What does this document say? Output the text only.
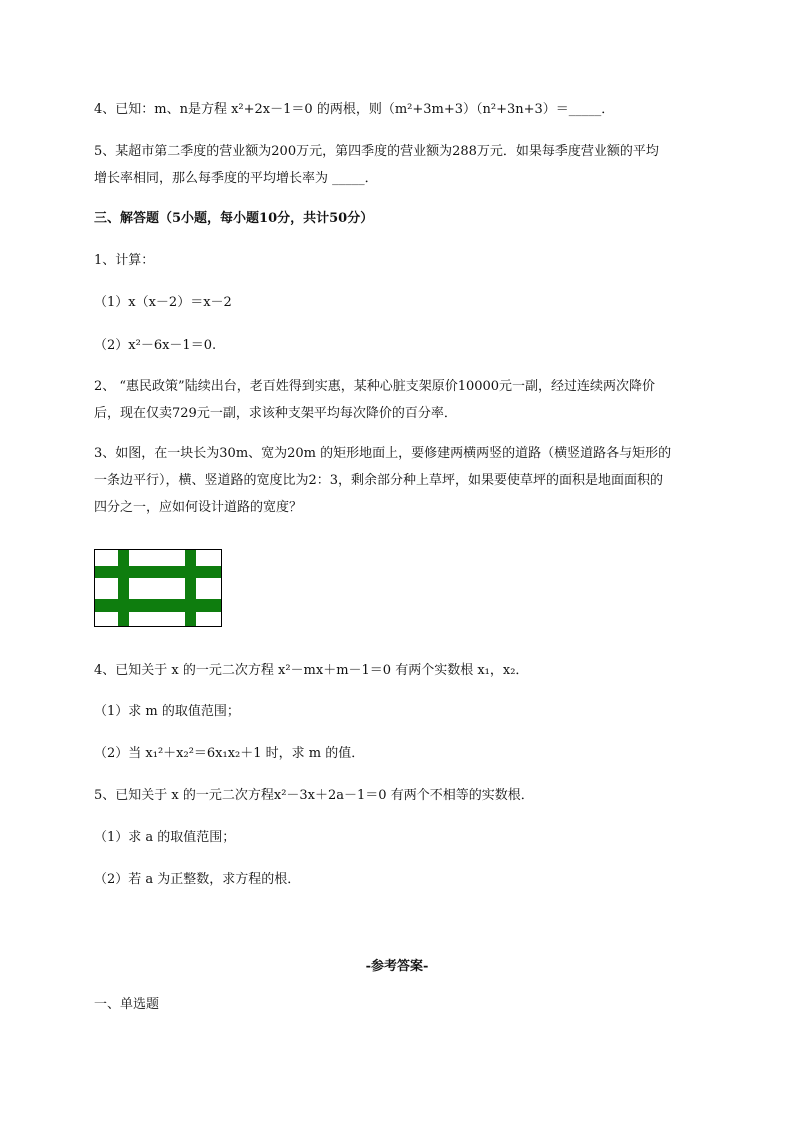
4、已知：m、n是方程 x²+2x－1＝0 的两根，则（m²+3m+3）（n²+3n+3）＝_____．
5、某超市第二季度的营业额为200万元，第四季度的营业额为288万元．如果每季度营业额的平均
增长率相同，那么每季度的平均增长率为 _____．
三、解答题（5小题，每小题10分，共计50分）
1、计算：
（1）x（x－2）＝x－2
（2）x²－6x－1＝0.
2、 “惠民政策”陆续出台，老百姓得到实惠，某种心脏支架原价10000元一副，经过连续两次降价
后，现在仅卖729元一副，求该种支架平均每次降价的百分率．
3、如图，在一块长为30m、宽为20m 的矩形地面上，要修建两横两竖的道路（横竖道路各与矩形的
一条边平行），横、竖道路的宽度比为2：3，剩余部分种上草坪，如果要使草坪的面积是地面面积的
四分之一，应如何设计道路的宽度？
4、已知关于 x 的一元二次方程 x²－mx＋m－1＝0 有两个实数根 x₁，x₂．
（1）求 m 的取值范围；
（2）当 x₁²＋x₂²＝6x₁x₂＋1 时，求 m 的值．
5、已知关于 x 的一元二次方程x²－3x＋2a－1＝0 有两个不相等的实数根．
（1）求 a 的取值范围；
（2）若 a 为正整数，求方程的根．
-参考答案-
一、单选题
